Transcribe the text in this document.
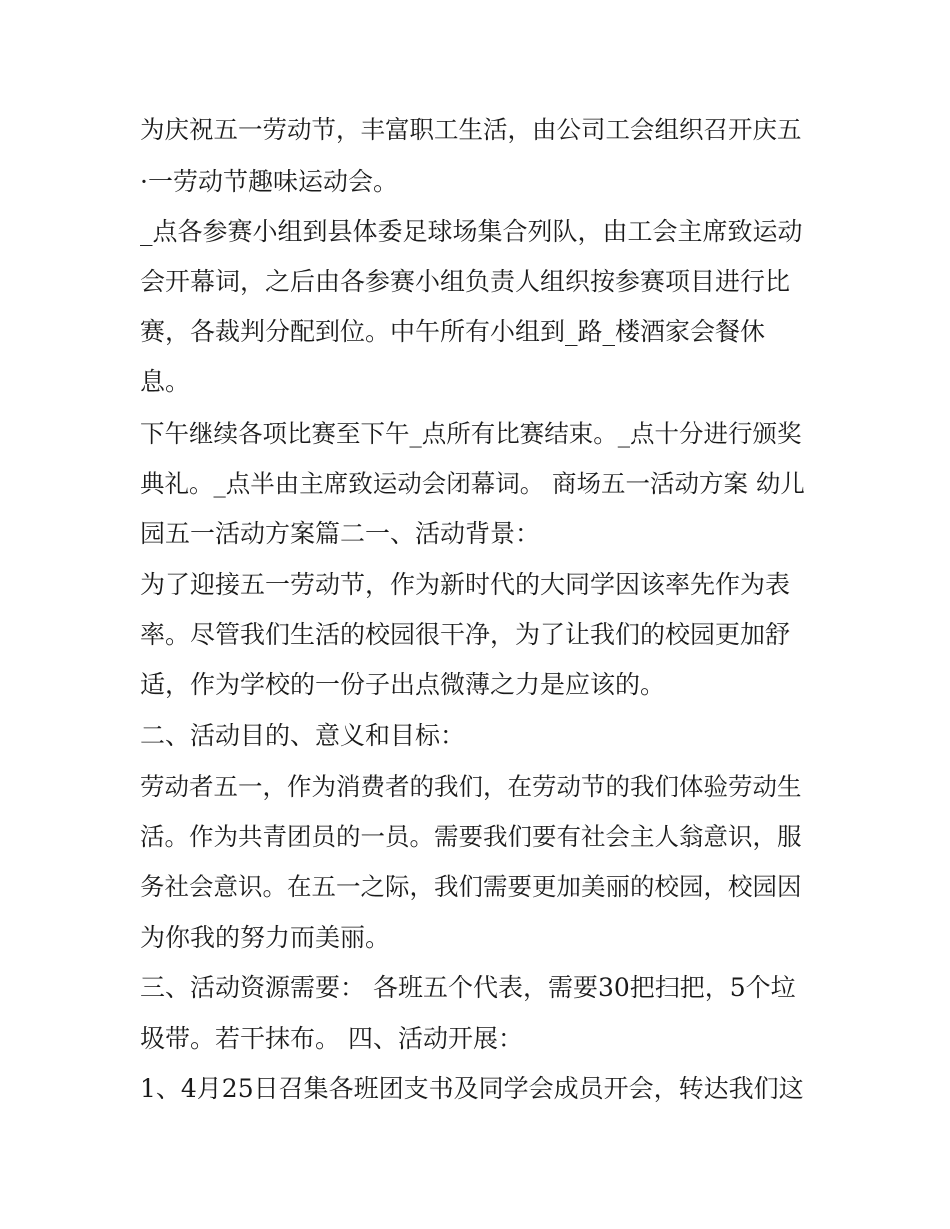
为庆祝五一劳动节，丰富职工生活，由公司工会组织召开庆五
·一劳动节趣味运动会。
_点各参赛小组到县体委足球场集合列队，由工会主席致运动
会开幕词，之后由各参赛小组负责人组织按参赛项目进行比
赛，各裁判分配到位。中午所有小组到_路_楼酒家会餐休
息。
下午继续各项比赛至下午_点所有比赛结束。_点十分进行颁奖
典礼。_点半由主席致运动会闭幕词。 商场五一活动方案 幼儿
园五一活动方案篇二一、活动背景：
为了迎接五一劳动节，作为新时代的大同学因该率先作为表
率。尽管我们生活的校园很干净，为了让我们的校园更加舒
适，作为学校的一份子出点微薄之力是应该的。
二、活动目的、意义和目标：
劳动者五一，作为消费者的我们，在劳动节的我们体验劳动生
活。作为共青团员的一员。需要我们要有社会主人翁意识，服
务社会意识。在五一之际，我们需要更加美丽的校园，校园因
为你我的努力而美丽。
三、活动资源需要： 各班五个代表，需要30把扫把，5个垃
圾带。若干抹布。 四、活动开展：
1、4月25日召集各班团支书及同学会成员开会，转达我们这
